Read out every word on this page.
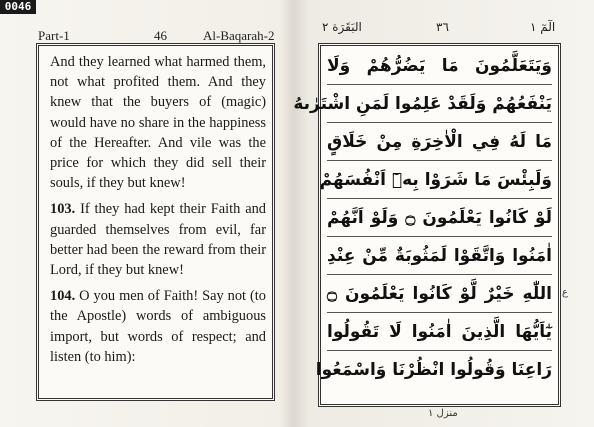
0046
Part-1	46	Al-Baqarah-2

And they learned what harmed them, not what profited them. And they knew that the buyers of (magic) would have no share in the happiness of the Hereafter. And vile was the price for which they did sell their souls, if they but knew!

103. If they had kept their Faith and guarded themselves from evil, far better had been the reward from their Lord, if they but knew!

104. O you men of Faith! Say not (to the Apostle) words of ambiguous import, but words of respect; and listen (to him):

البَقَرَة ٢	٣٦	الٓمٓ ١
وَيَتَعَلَّمُونَ مَا يَضُرُّهُمْ وَلَا
يَنْفَعُهُمْ وَلَقَدْ عَلِمُوا لَمَنِ اشْتَرٰىهُ
مَا لَهُ فِي الْاٰخِرَةِ مِنْ خَلَاقٍ
وَلَبِئْسَ مَا شَرَوْا بِهٖٓ اَنْفُسَهُمْ
لَوْ كَانُوا يَعْلَمُونَ ۝ وَلَوْ اَنَّهُمْ
اٰمَنُوا وَاتَّقَوْا لَمَثُوبَةٌ مِّنْ عِنْدِ
اللّٰهِ خَيْرٌ لَّوْ كَانُوا يَعْلَمُونَ ۝
يٰٓاَيُّهَا الَّذِينَ اٰمَنُوا لَا تَقُولُوا
رَاعِنَا وَقُولُوا انْظُرْنَا وَاسْمَعُوا
ع
منزل ١
